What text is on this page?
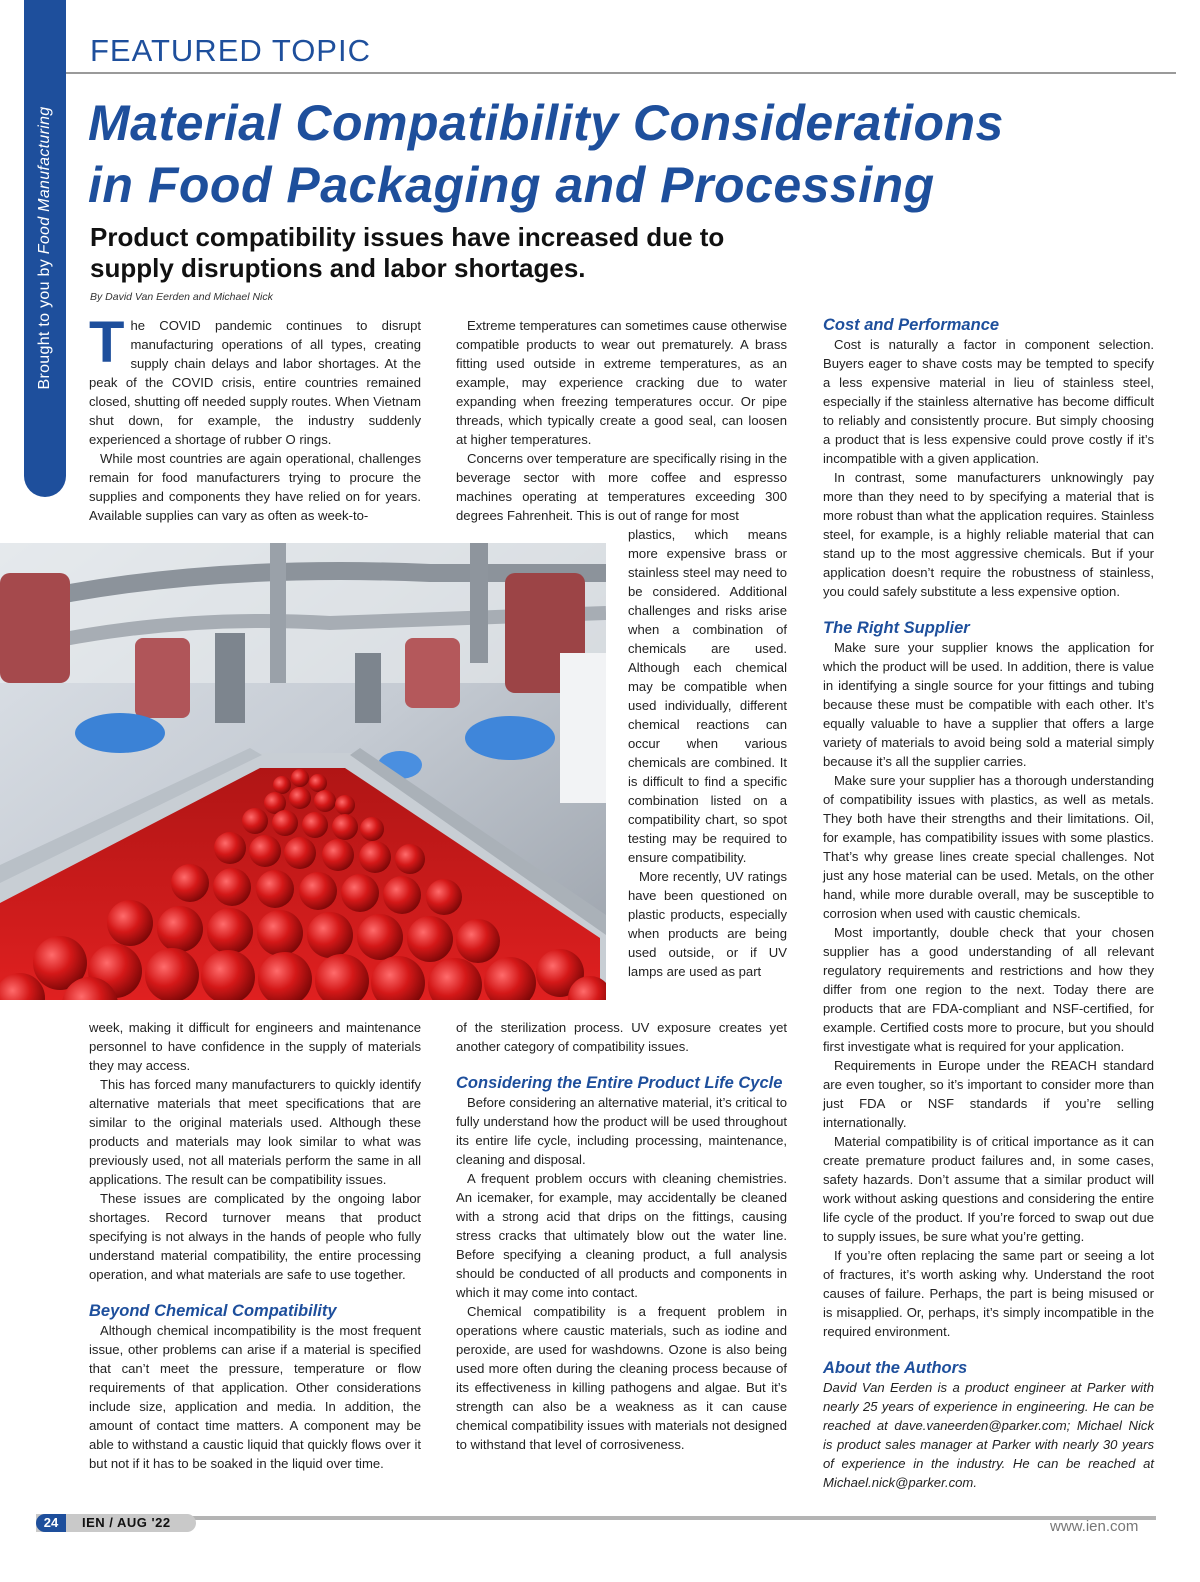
Brought to you by Food Manufacturing
FEATURED TOPIC
Material Compatibility Considerations
in Food Packaging and Processing
Product compatibility issues have increased due to
supply disruptions and labor shortages.
By David Van Eerden and Michael Nick

The COVID pandemic continues to disrupt manufacturing operations of all types, creating supply chain delays and labor shortages. At the peak of the COVID crisis, entire countries remained closed, shutting off needed supply routes. When Vietnam shut down, for example, the industry suddenly experienced a shortage of rubber O rings.

While most countries are again operational, challenges remain for food manufacturers trying to procure the supplies and components they have relied on for years. Available supplies can vary as often as week-to-

week, making it difficult for engineers and maintenance personnel to have confidence in the supply of materials they may access.

This has forced many manufacturers to quickly identify alternative materials that meet specifications that are similar to the original materials used. Although these products and materials may look similar to what was previously used, not all materials perform the same in all applications. The result can be compatibility issues.

These issues are complicated by the ongoing labor shortages. Record turnover means that product specifying is not always in the hands of people who fully understand material compatibility, the entire processing operation, and what materials are safe to use together.

Beyond Chemical Compatibility

Although chemical incompatibility is the most frequent issue, other problems can arise if a material is specified that can’t meet the pressure, temperature or flow requirements of that application. Other considerations include size, application and media. In addition, the amount of contact time matters. A component may be able to withstand a caustic liquid that quickly flows over it but not if it has to be soaked in the liquid over time.

Extreme temperatures can sometimes cause otherwise compatible products to wear out prematurely. A brass fitting used outside in extreme temperatures, as an example, may experience cracking due to water expanding when freezing temperatures occur. Or pipe threads, which typically create a good seal, can loosen at higher temperatures.

Concerns over temperature are specifically rising in the beverage sector with more coffee and espresso machines operating at temperatures exceeding 300 degrees Fahrenheit. This is out of range for most

plastics, which means more expensive brass or stainless steel may need to be considered. Additional challenges and risks arise when a combination of chemicals are used. Although each chemical may be compatible when used individually, different chemical reactions can occur when various chemicals are combined. It is difficult to find a specific combination listed on a compatibility chart, so spot testing may be required to ensure compatibility.

More recently, UV ratings have been questioned on plastic products, especially when products are being used outside, or if UV lamps are used as part

of the sterilization process. UV exposure creates yet another category of compatibility issues.

Considering the Entire Product Life Cycle

Before considering an alternative material, it’s critical to fully understand how the product will be used throughout its entire life cycle, including processing, maintenance, cleaning and disposal.

A frequent problem occurs with cleaning chemistries. An icemaker, for example, may accidentally be cleaned with a strong acid that drips on the fittings, causing stress cracks that ultimately blow out the water line. Before specifying a cleaning product, a full analysis should be conducted of all products and components in which it may come into contact.

Chemical compatibility is a frequent problem in operations where caustic materials, such as iodine and peroxide, are used for washdowns. Ozone is also being used more often during the cleaning process because of its effectiveness in killing pathogens and algae. But it’s strength can also be a weakness as it can cause chemical compatibility issues with materials not designed to withstand that level of corrosiveness.

Cost and Performance

Cost is naturally a factor in component selection. Buyers eager to shave costs may be tempted to specify a less expensive material in lieu of stainless steel, especially if the stainless alternative has become difficult to reliably and consistently procure. But simply choosing a product that is less expensive could prove costly if it’s incompatible with a given application.

In contrast, some manufacturers unknowingly pay more than they need to by specifying a material that is more robust than what the application requires. Stainless steel, for example, is a highly reliable material that can stand up to the most aggressive chemicals. But if your application doesn’t require the robustness of stainless, you could safely substitute a less expensive option.

The Right Supplier

Make sure your supplier knows the application for which the product will be used. In addition, there is value in identifying a single source for your fittings and tubing because these must be compatible with each other. It’s equally valuable to have a supplier that offers a large variety of materials to avoid being sold a material simply because it’s all the supplier carries.

Make sure your supplier has a thorough understanding of compatibility issues with plastics, as well as metals. They both have their strengths and their limitations. Oil, for example, has compatibility issues with some plastics. That’s why grease lines create special challenges. Not just any hose material can be used. Metals, on the other hand, while more durable overall, may be susceptible to corrosion when used with caustic chemicals.

Most importantly, double check that your chosen supplier has a good understanding of all relevant regulatory requirements and restrictions and how they differ from one region to the next. Today there are products that are FDA-compliant and NSF-certified, for example. Certified costs more to procure, but you should first investigate what is required for your application.

Requirements in Europe under the REACH standard are even tougher, so it’s important to consider more than just FDA or NSF standards if you’re selling internationally.

Material compatibility is of critical importance as it can create premature product failures and, in some cases, safety hazards. Don’t assume that a similar product will work without asking questions and considering the entire life cycle of the product. If you’re forced to swap out due to supply issues, be sure what you’re getting.

If you’re often replacing the same part or seeing a lot of fractures, it’s worth asking why. Understand the root causes of failure. Perhaps, the part is being misused or is misapplied. Or, perhaps, it’s simply incompatible in the required environment.

About the Authors

David Van Eerden is a product engineer at Parker with nearly 25 years of experience in engineering. He can be reached at dave.vaneerden@parker.com; Michael Nick is product sales manager at Parker with nearly 30 years of experience in the industry. He can be reached at Michael.nick@parker.com.

24	IEN / AUG '22	www.ien.com
